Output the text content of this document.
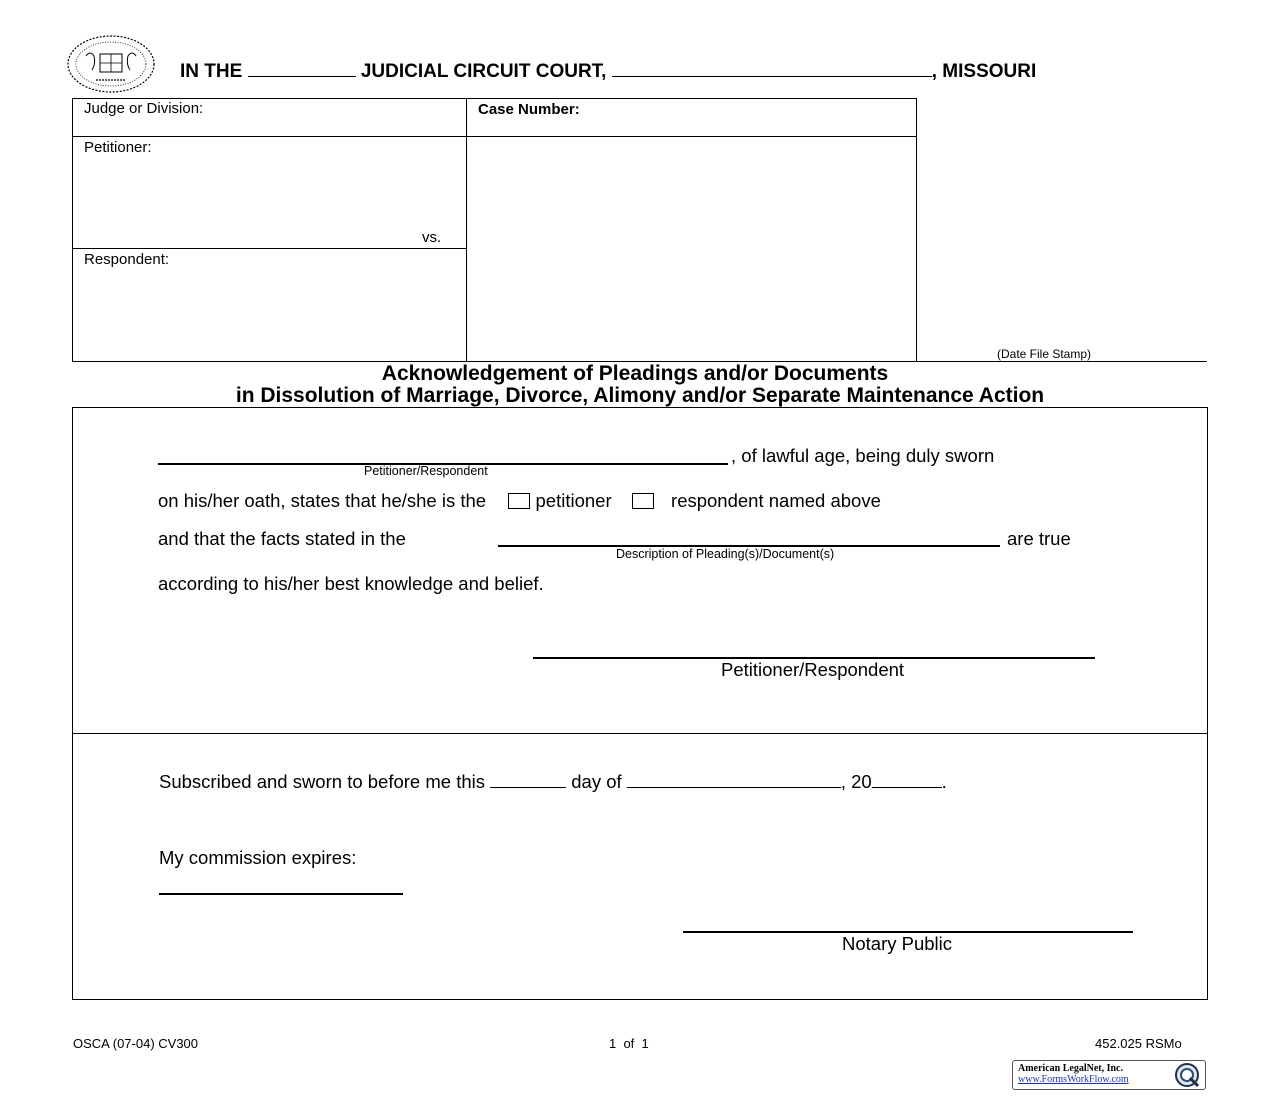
IN THE	JUDICIAL CIRCUIT COURT,	, MISSOURI
Judge or Division:	Case Number:
Petitioner:
vs.
Respondent:
(Date File Stamp)
Acknowledgement of Pleadings and/or Documents
in Dissolution of Marriage, Divorce, Alimony and/or Separate Maintenance Action
, of lawful age, being duly sworn
Petitioner/Respondent
on his/her oath, states that he/she is the	petitioner	respondent named above
and that the facts stated in the	are true
Description of Pleading(s)/Document(s)
according to his/her best knowledge and belief.
Petitioner/Respondent
Subscribed and sworn to before me this	day of	, 20	.
My commission expires:
Notary Public
OSCA (07-04) CV300	1  of  1	452.025 RSMo
American LegalNet, Inc.
www.FormsWorkFlow.com
